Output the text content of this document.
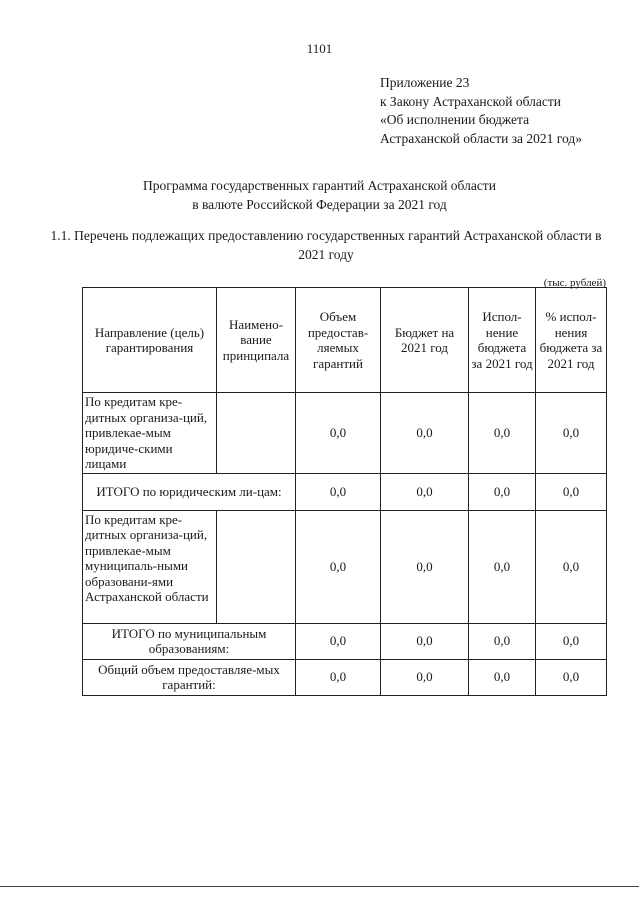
1101
Приложение 23
к Закону Астраханской области
«Об исполнении бюджета
Астраханской области за 2021 год»
Программа государственных гарантий Астраханской области
в валюте Российской Федерации за 2021 год
1.1. Перечень подлежащих предоставлению государственных гарантий Астраханской области в 2021 году
(тыс. рублей)
Направление (цель) гарантирования	Наимено-вание принципала	Объем предостав-ляемых гарантий	Бюджет на 2021 год	Испол-нение бюджета за 2021 год	% испол-нения бюджета за 2021 год
По кредитам кре-дитных организа-ций, привлекае-мым юридиче-скими лицами		0,0	0,0	0,0	0,0
ИТОГО по юридическим ли-цам:		0,0	0,0	0,0	0,0
По кредитам кре-дитных организа-ций, привлекае-мым муниципаль-ными образовани-ями Астраханской области		0,0	0,0	0,0	0,0
ИТОГО по муниципальным образованиям:		0,0	0,0	0,0	0,0
Общий объем предоставляе-мых гарантий:		0,0	0,0	0,0	0,0
